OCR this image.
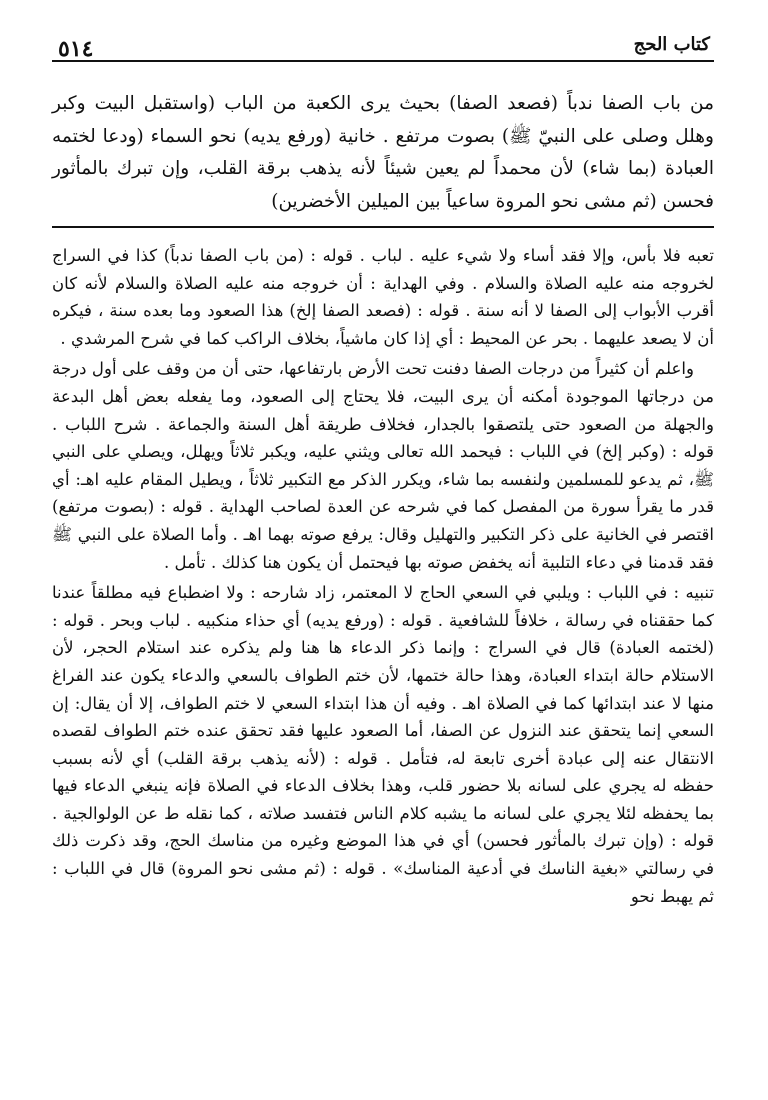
كتاب الحج
٥١٤

من باب الصفا ندباً (فصعد الصفا) بحيث يرى الكعبة من الباب (واستقبل البيت وكبر وهلل وصلى على النبيّ ﷺ) بصوت مرتفع . خانية (ورفع يديه) نحو السماء (ودعا لختمه العبادة (بما شاء) لأن محمداً لم يعين شيئاً لأنه يذهب برقة القلب، وإن تبرك بالمأثور فحسن (ثم مشى نحو المروة ساعياً بين الميلين الأخضرين)

تعبه فلا بأس، وإلا فقد أساء ولا شيء عليه . لباب . قوله : (من باب الصفا ندباً) كذا في السراج لخروجه منه عليه الصلاة والسلام . وفي الهداية : أن خروجه منه عليه الصلاة والسلام لأنه كان أقرب الأبواب إلى الصفا لا أنه سنة . قوله : (فصعد الصفا إلخ) هذا الصعود وما بعده سنة ، فيكره أن لا يصعد عليهما . بحر عن المحيط : أي إذا كان ماشياً، بخلاف الراكب كما في شرح المرشدي .

واعلم أن كثيراً من درجات الصفا دفنت تحت الأرض بارتفاعها، حتى أن من وقف على أول درجة من درجاتها الموجودة أمكنه أن يرى البيت، فلا يحتاج إلى الصعود، وما يفعله بعض أهل البدعة والجهلة من الصعود حتى يلتصقوا بالجدار، فخلاف طريقة أهل السنة والجماعة . شرح اللباب . قوله : (وكبر إلخ) في اللباب : فيحمد الله تعالى ويثني عليه، ويكبر ثلاثاً ويهلل، ويصلي على النبي ﷺ، ثم يدعو للمسلمين ولنفسه بما شاء، ويكرر الذكر مع التكبير ثلاثاً ، ويطيل المقام عليه اهـ: أي قدر ما يقرأ سورة من المفصل كما في شرحه عن العدة لصاحب الهداية . قوله : (بصوت مرتفع) اقتصر في الخانية على ذكر التكبير والتهليل وقال: يرفع صوته بهما اهـ . وأما الصلاة على النبي ﷺ فقد قدمنا في دعاء التلبية أنه يخفض صوته بها فيحتمل أن يكون هنا كذلك . تأمل .

تنبيه : في اللباب : ويلبي في السعي الحاج لا المعتمر، زاد شارحه : ولا اضطباع فيه مطلقاً عندنا كما حققناه في رسالة ، خلافاً للشافعية . قوله : (ورفع يديه) أي حذاء منكبيه . لباب وبحر . قوله : (لختمه العبادة) قال في السراج : وإنما ذكر الدعاء ها هنا ولم يذكره عند استلام الحجر، لأن الاستلام حالة ابتداء العبادة، وهذا حالة ختمها، لأن ختم الطواف بالسعي والدعاء يكون عند الفراغ منها لا عند ابتدائها كما في الصلاة اهـ . وفيه أن هذا ابتداء السعي لا ختم الطواف، إلا أن يقال: إن السعي إنما يتحقق عند النزول عن الصفا، أما الصعود عليها فقد تحقق عنده ختم الطواف لقصده الانتقال عنه إلى عبادة أخرى تابعة له، فتأمل . قوله : (لأنه يذهب برقة القلب) أي لأنه بسبب حفظه له يجري على لسانه بلا حضور قلب، وهذا بخلاف الدعاء في الصلاة فإنه ينبغي الدعاء فيها بما يحفظه لئلا يجري على لسانه ما يشبه كلام الناس فتفسد صلاته ، كما نقله ط عن الولوالجية . قوله : (وإن تبرك بالمأثور فحسن) أي في هذا الموضع وغيره من مناسك الحج، وقد ذكرت ذلك في رسالتي «بغية الناسك في أدعية المناسك» . قوله : (ثم مشى نحو المروة) قال في اللباب : ثم يهبط نحو
